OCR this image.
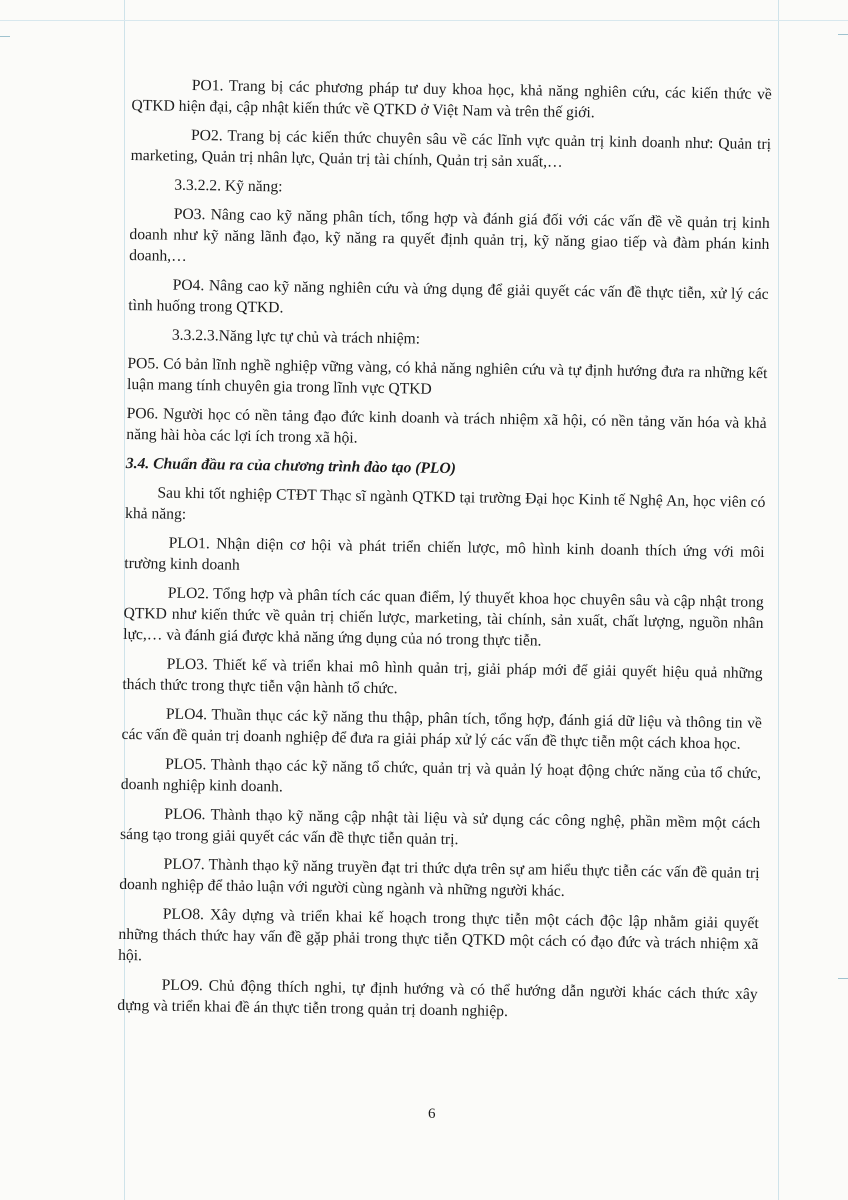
PO1. Trang bị các phương pháp tư duy khoa học, khả năng nghiên cứu, các kiến thức về QTKD hiện đại, cập nhật kiến thức về QTKD ở Việt Nam và trên thế giới.

PO2. Trang bị các kiến thức chuyên sâu về các lĩnh vực quản trị kinh doanh như: Quản trị marketing, Quản trị nhân lực, Quản trị tài chính, Quản trị sản xuất,…

3.3.2.2. Kỹ năng:

PO3. Nâng cao kỹ năng phân tích, tổng hợp và đánh giá đối với các vấn đề về quản trị kinh doanh như kỹ năng lãnh đạo, kỹ năng ra quyết định quản trị, kỹ năng giao tiếp và đàm phán kinh doanh,…

PO4. Nâng cao kỹ năng nghiên cứu và ứng dụng để giải quyết các vấn đề thực tiễn, xử lý các tình huống trong QTKD.

3.3.2.3.Năng lực tự chủ và trách nhiệm:

PO5. Có bản lĩnh nghề nghiệp vững vàng, có khả năng nghiên cứu và tự định hướng đưa ra những kết luận mang tính chuyên gia trong lĩnh vực QTKD

PO6. Người học có nền tảng đạo đức kinh doanh và trách nhiệm xã hội, có nền tảng văn hóa và khả năng hài hòa các lợi ích trong xã hội.

3.4. Chuẩn đầu ra của chương trình đào tạo (PLO)

Sau khi tốt nghiệp CTĐT Thạc sĩ ngành QTKD tại trường Đại học Kinh tế Nghệ An, học viên có khả năng:

PLO1. Nhận diện cơ hội và phát triển chiến lược, mô hình kinh doanh thích ứng với môi trường kinh doanh

PLO2. Tổng hợp và phân tích các quan điểm, lý thuyết khoa học chuyên sâu và cập nhật trong QTKD như kiến thức về quản trị chiến lược, marketing, tài chính, sản xuất, chất lượng, nguồn nhân lực,… và đánh giá được khả năng ứng dụng của nó trong thực tiễn.

PLO3. Thiết kế và triển khai mô hình quản trị, giải pháp mới để giải quyết hiệu quả những thách thức trong thực tiễn vận hành tổ chức.

PLO4. Thuần thục các kỹ năng thu thập, phân tích, tổng hợp, đánh giá dữ liệu và thông tin về các vấn đề quản trị doanh nghiệp để đưa ra giải pháp xử lý các vấn đề thực tiễn một cách khoa học.

PLO5. Thành thạo các kỹ năng tổ chức, quản trị và quản lý hoạt động chức năng của tổ chức, doanh nghiệp kinh doanh.

PLO6. Thành thạo kỹ năng cập nhật tài liệu và sử dụng các công nghệ, phần mềm một cách sáng tạo trong giải quyết các vấn đề thực tiễn quản trị.

PLO7. Thành thạo kỹ năng truyền đạt tri thức dựa trên sự am hiểu thực tiễn các vấn đề quản trị doanh nghiệp để thảo luận với người cùng ngành và những người khác.

PLO8. Xây dựng và triển khai kế hoạch trong thực tiễn một cách độc lập nhằm giải quyết những thách thức hay vấn đề gặp phải trong thực tiễn QTKD một cách có đạo đức và trách nhiệm xã hội.

PLO9. Chủ động thích nghi, tự định hướng và có thể hướng dẫn người khác cách thức xây dựng và triển khai đề án thực tiễn trong quản trị doanh nghiệp.

6
